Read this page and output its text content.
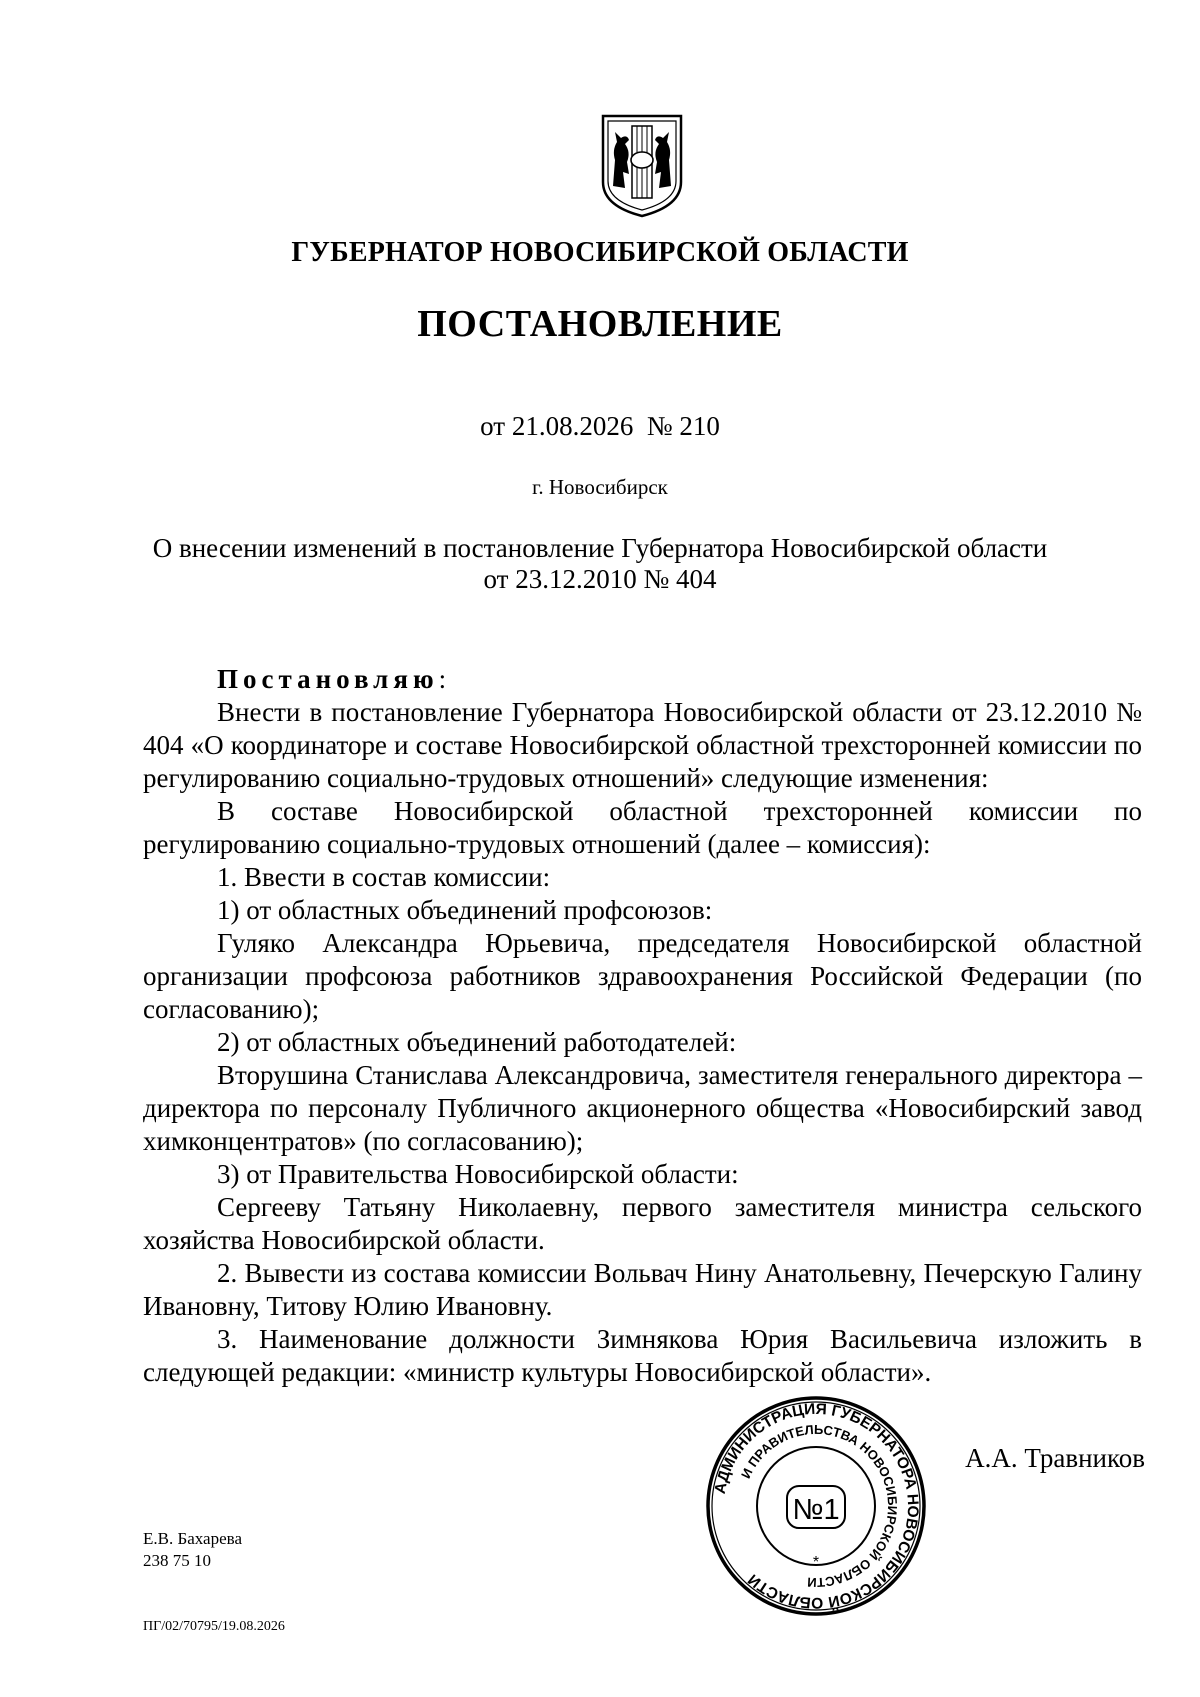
ГУБЕРНАТОР НОВОСИБИРСКОЙ ОБЛАСТИ
ПОСТАНОВЛЕНИЕ
от 21.08.2026  № 210
г. Новосибирск
О внесении изменений в постановление Губернатора Новосибирской области
от 23.12.2010 № 404

Постановляю:

Внести в постановление Губернатора Новосибирской области от 23.12.2010 № 404 «О координаторе и составе Новосибирской областной трехсторонней комиссии по регулированию социально-трудовых отношений» следующие изменения:

В составе Новосибирской областной трехсторонней комиссии по регулированию социально-трудовых отношений (далее – комиссия):

1. Ввести в состав комиссии:

1) от областных объединений профсоюзов:

Гуляко Александра Юрьевича, председателя Новосибирской областной организации профсоюза работников здравоохранения Российской Федерации (по согласованию);

2) от областных объединений работодателей:

Вторушина Станислава Александровича, заместителя генерального директора – директора по персоналу Публичного акционерного общества «Новосибирский завод химконцентратов» (по согласованию);

3) от Правительства Новосибирской области:

Сергееву Татьяну Николаевну, первого заместителя министра сельского хозяйства Новосибирской области.

2. Вывести из состава комиссии Вольвач Нину Анатольевну, Печерскую Галину Ивановну, Титову Юлию Ивановну.

3. Наименование должности Зимнякова Юрия Васильевича изложить в следующей редакции: «министр культуры Новосибирской области».

АДМИНИСТРАЦИЯ ГУБЕРНАТОРА НОВОСИБИРСКОЙ ОБЛАСТИ
И ПРАВИТЕЛЬСТВА НОВОСИБИРСКОЙ ОБЛАСТИ
№1
*
А.А. Травников
Е.В. Бахарева
238 75 10
ПГ/02/70795/19.08.2026
